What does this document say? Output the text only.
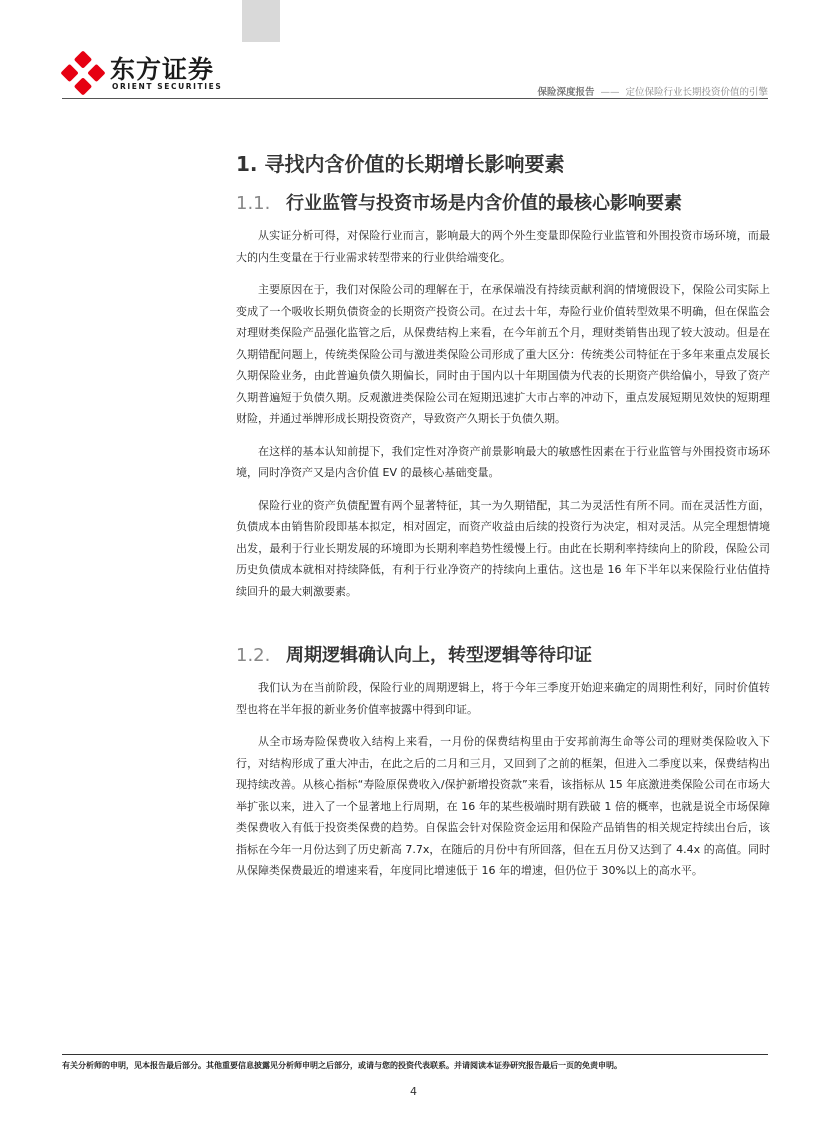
东方证券
ORIENT SECURITIES
保险深度报告 —— 定位保险行业长期投资价值的引擎
1. 寻找内含价值的长期增长影响要素
1.1. 行业监管与投资市场是内含价值的最核心影响要素

从实证分析可得，对保险行业而言，影响最大的两个外生变量即保险行业监管和外围投资市场环境，而最大的内生变量在于行业需求转型带来的行业供给端变化。

主要原因在于，我们对保险公司的理解在于，在承保端没有持续贡献利润的情境假设下，保险公司实际上变成了一个吸收长期负债资金的长期资产投资公司。在过去十年，寿险行业价值转型效果不明确，但在保监会对理财类保险产品强化监管之后，从保费结构上来看，在今年前五个月，理财类销售出现了较大波动。但是在久期错配问题上，传统类保险公司与激进类保险公司形成了重大区分：传统类公司特征在于多年来重点发展长久期保险业务，由此普遍负债久期偏长，同时由于国内以十年期国债为代表的长期资产供给偏小，导致了资产久期普遍短于负债久期。反观激进类保险公司在短期迅速扩大市占率的冲动下，重点发展短期见效快的短期理财险，并通过举牌形成长期投资资产，导致资产久期长于负债久期。

在这样的基本认知前提下，我们定性对净资产前景影响最大的敏感性因素在于行业监管与外围投资市场环境，同时净资产又是内含价值 EV 的最核心基础变量。

保险行业的资产负债配置有两个显著特征，其一为久期错配，其二为灵活性有所不同。而在灵活性方面，负债成本由销售阶段即基本拟定，相对固定，而资产收益由后续的投资行为决定，相对灵活。从完全理想情境出发，最利于行业长期发展的环境即为长期利率趋势性缓慢上行。由此在长期利率持续向上的阶段，保险公司历史负债成本就相对持续降低，有利于行业净资产的持续向上重估。这也是 16 年下半年以来保险行业估值持续回升的最大刺激要素。

1.2. 周期逻辑确认向上，转型逻辑等待印证

我们认为在当前阶段，保险行业的周期逻辑上，将于今年三季度开始迎来确定的周期性利好，同时价值转型也将在半年报的新业务价值率披露中得到印证。

从全市场寿险保费收入结构上来看，一月份的保费结构里由于安邦前海生命等公司的理财类保险收入下行，对结构形成了重大冲击，在此之后的二月和三月，又回到了之前的框架，但进入二季度以来，保费结构出现持续改善。从核心指标“寿险原保费收入/保护新增投资款”来看，该指标从 15 年底激进类保险公司在市场大举扩张以来，进入了一个显著地上行周期，在 16 年的某些极端时期有跌破 1 倍的概率，也就是说全市场保障类保费收入有低于投资类保费的趋势。自保监会针对保险资金运用和保险产品销售的相关规定持续出台后，该指标在今年一月份达到了历史新高 7.7x，在随后的月份中有所回落，但在五月份又达到了 4.4x 的高值。同时从保障类保费最近的增速来看，年度同比增速低于 16 年的增速，但仍位于 30%以上的高水平。

有关分析师的申明，见本报告最后部分。其他重要信息披露见分析师申明之后部分，或请与您的投资代表联系。并请阅读本证券研究报告最后一页的免责申明。
4
